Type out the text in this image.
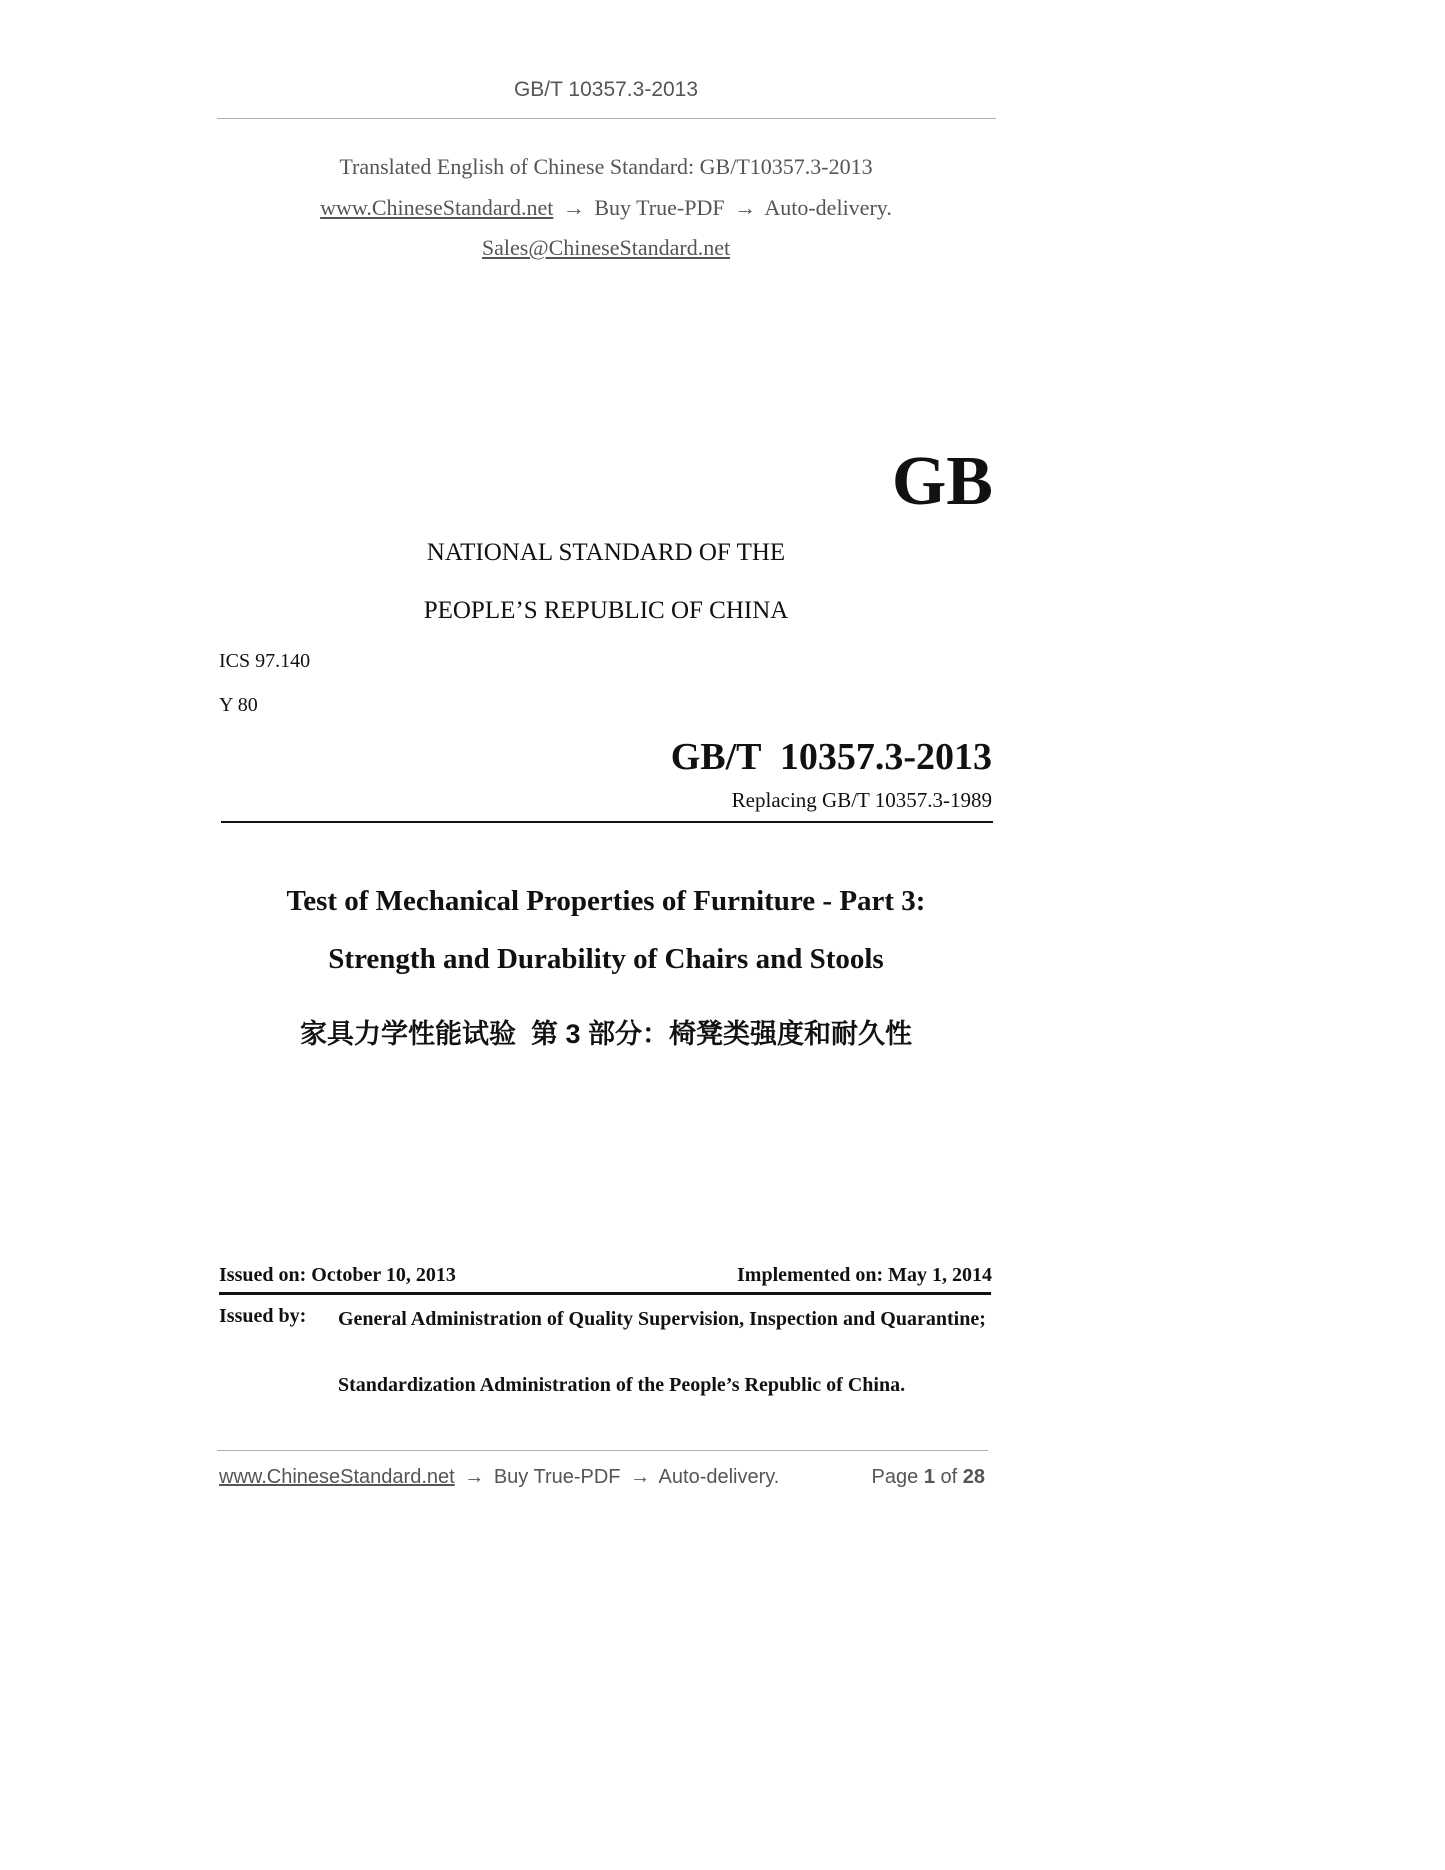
GB/T 10357.3-2013
Translated English of Chinese Standard: GB/T10357.3-2013
www.ChineseStandard.net → Buy True-PDF → Auto-delivery.
Sales@ChineseStandard.net
GB
NATIONAL STANDARD OF THE
PEOPLE’S REPUBLIC OF CHINA
ICS 97.140
Y 80
GB/T  10357.3-2013
Replacing GB/T 10357.3-1989
Test of Mechanical Properties of Furniture - Part 3:
Strength and Durability of Chairs and Stools
家具力学性能试验  第 3 部分：椅凳类强度和耐久性
Issued on: October 10, 2013	Implemented on: May 1, 2014
Issued by: General Administration of Quality Supervision, Inspection and Quarantine;
Standardization Administration of the People’s Republic of China.
www.ChineseStandard.net → Buy True-PDF → Auto-delivery.	Page 1 of 28
